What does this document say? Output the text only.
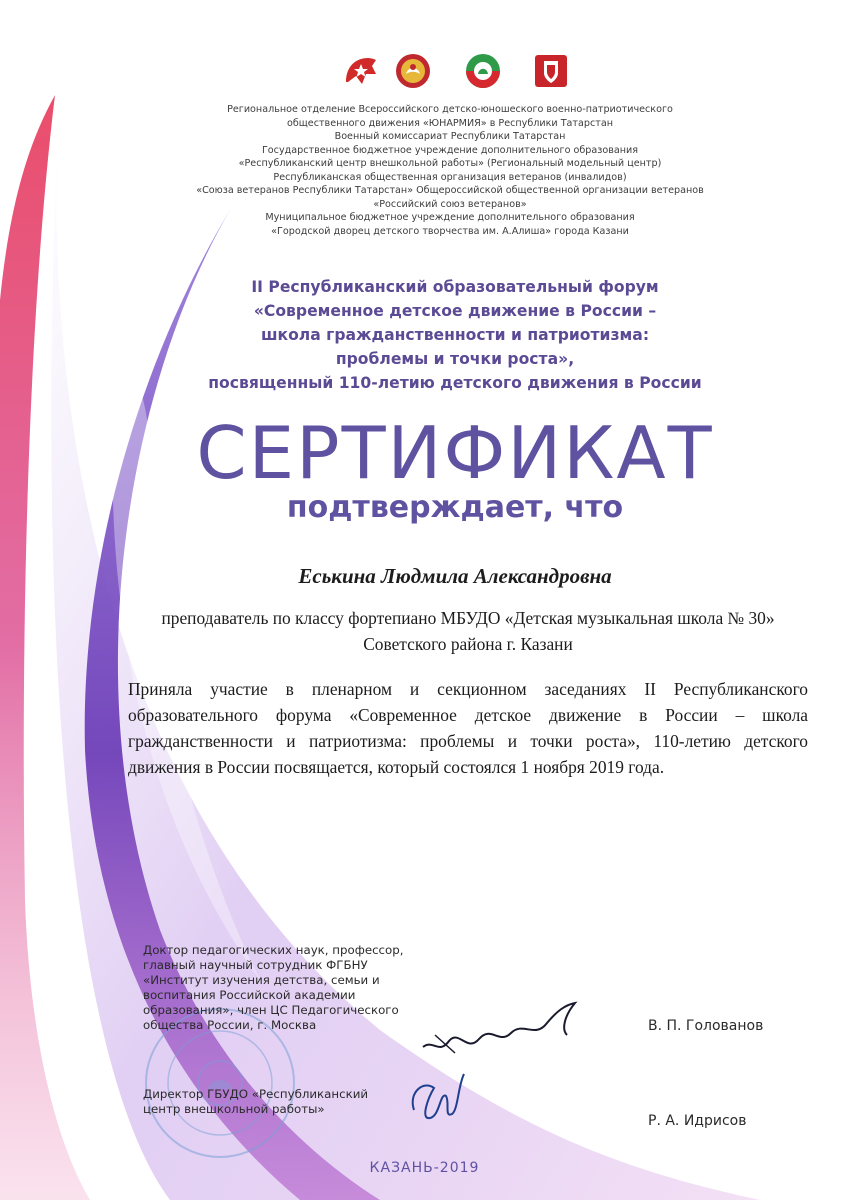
Региональное отделение Всероссийского детско-юношеского военно-патриотического
общественного движения «ЮНАРМИЯ» в Республики Татарстан
Военный комиссариат Республики Татарстан
Государственное бюджетное учреждение дополнительного образования
«Республиканский центр внешкольной работы» (Региональный модельный центр)
Республиканская общественная организация ветеранов (инвалидов)
«Союза ветеранов Республики Татарстан» Общероссийской общественной организации ветеранов
«Российский союз ветеранов»
Муниципальное бюджетное учреждение дополнительного образования
«Городской дворец детского творчества им. А.Алиша» города Казани
II Республиканский образовательный форум
«Современное детское движение в России –
школа гражданственности и патриотизма:
проблемы и точки роста»,
посвященный 110-летию детского движения в России
СЕРТИФИКАТ
подтверждает, что
Еськина Людмила Александровна
преподаватель по классу фортепиано МБУДО «Детская музыкальная школа № 30» Советского района г. Казани
Приняла участие в пленарном и секционном заседаниях II Республиканского образовательного форума «Современное детское движение в России – школа гражданственности и патриотизма: проблемы и точки роста», 110-летию детского движения в России посвящается, который состоялся 1 ноября 2019 года.
Доктор педагогических наук, профессор, главный научный сотрудник ФГБНУ «Институт изучения детства, семьи и воспитания Российской академии образования», член ЦС Педагогического общества России, г. Москва	В. П. Голованов
Директор ГБУДО «Республиканский центр внешкольной работы»
Р. А. Идрисов
КАЗАНЬ-2019
